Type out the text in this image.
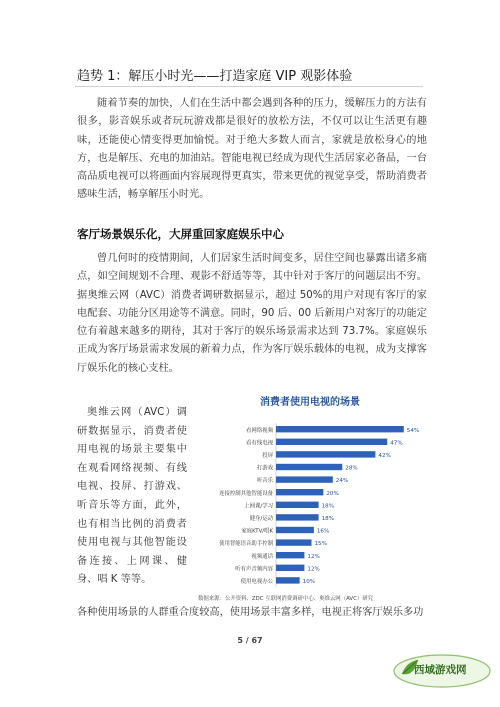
趋势 1：解压小时光——打造家庭 VIP 观影体验
随着节奏的加快，人们在生活中都会遇到各种的压力，缓解压力的方法有很多，影音娱乐或者玩玩游戏都是很好的放松方法，不仅可以让生活更有趣味，还能使心情变得更加愉悦。对于绝大多数人而言，家就是放松身心的地方，也是解压、充电的加油站。智能电视已经成为现代生活居家必备品，一台高品质电视可以将画面内容展现得更真实，带来更优的视觉享受，帮助消费者感味生活，畅享解压小时光。
客厅场景娱乐化，大屏重回家庭娱乐中心
曾几何时的疫情期间，人们居家生活时间变多，居住空间也暴露出诸多痛点，如空间规划不合理、观影不舒适等等，其中针对于客厅的问题层出不穷。据奥维云网（AVC）消费者调研数据显示，超过 50%的用户对现有客厅的家电配套、功能分区用途等不满意。同时，90 后、00 后新用户对客厅的功能定位有着越来越多的期待，其对于客厅的娱乐场景需求达到 73.7%。家庭娱乐正成为客厅场景需求发展的新着力点，作为客厅娱乐载体的电视，成为支撑客厅娱乐化的核心支柱。
奥维云网（AVC）调研数据显示，消费者使用电视的场景主要集中在观看网络视频、有线电视、投屏、打游戏、听音乐等方面，此外，也有相当比例的消费者使用电视与其他智能设备连接、上网课、健身、唱 K 等等。
消费者使用电视的场景
看网络视频	54%
看有线电视	47%
投屏	42%
打游戏	28%
听音乐	24%
连接控制其他智能设备	20%
上网课/学习	18%
健身/运动	18%
家庭KTV/唱K	16%
使用智能语音助手控制	15%
视频通话	12%
听有声音频内容	12%
使用电视办公	10%
数据来源：公开资料、ZDC 互联网消费调研中心、奥维云网（AVC）研究
各种使用场景的人群重合度较高，使用场景丰富多样，电视正将客厅娱乐多功
5 / 67
西域游戏网
